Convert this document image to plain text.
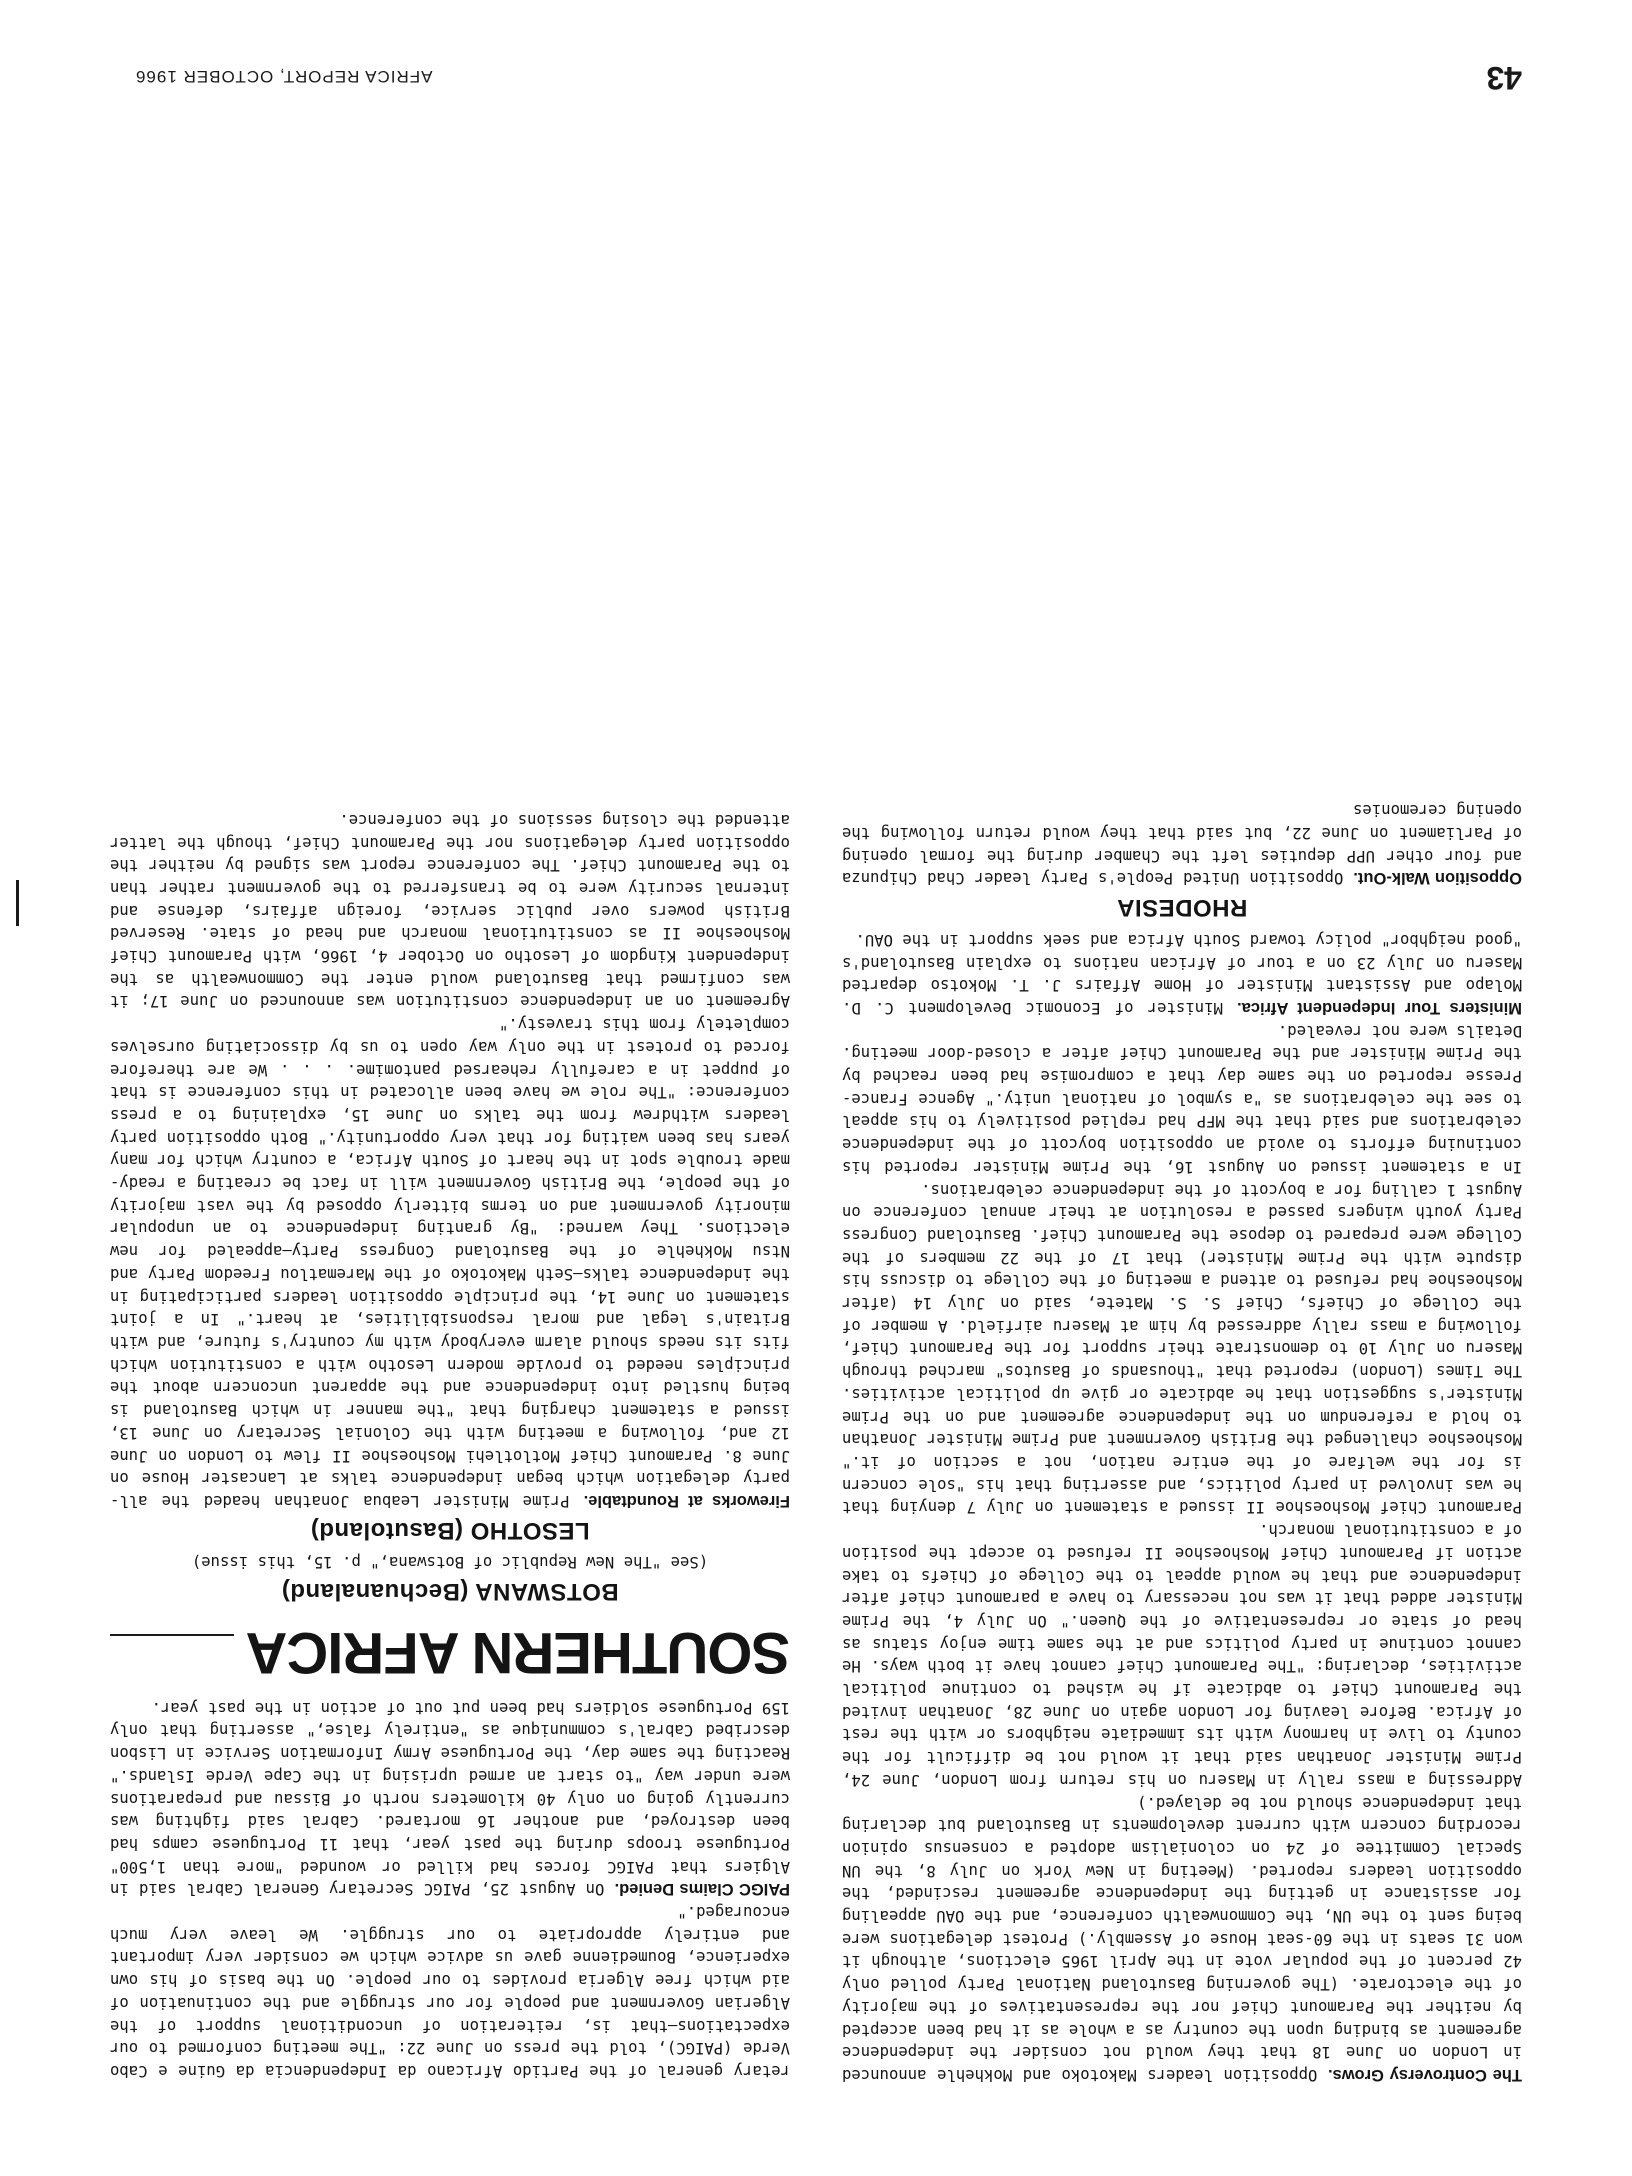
43
AFRICA REPORT, OCTOBER 1966

retary general of the Partido Africano da Independencia da Guine e Cabo Verde (PAIGC), told the press on June 22: "The meeting conformed to our expectations—that is, reiteration of unconditional support of the Algerian Government and people for our struggle and the continuation of aid which free Algeria provides to our people. On the basis of his own experience, Boumedienne gave us advice which we consider very important and entirely appropriate to our struggle. We leave very much encouraged."

PAIGC Claims Denied. On August 25, PAIGC Secretary General Cabral said in Algiers that PAIGC forces had killed or wounded "more than 1,500" Portuguese troops during the past year, that 11 Portuguese camps had been destroyed, and another 16 mortared. Cabral said fighting was currently going on only 40 kilometers north of Bissau and preparations were under way "to start an armed uprising in the Cape Verde Islands." Reacting the same day, the Portuguese Army Information Service in Lisbon described Cabral's communique as "entirely false," asserting that only 159 Portuguese soldiers had been put out of action in the past year.

SOUTHERN AFRICA
BOTSWANA (Bechuanaland)

(See "The New Republic of Botswana," p. 15, this issue)

LESOTHO (Basutoland)

Fireworks at Roundtable. Prime Minister Leabua Jonathan headed the all-party delegation which began independence talks at Lancaster House on June 8. Paramount Chief Motlotlehi Moshoeshoe II flew to London on June 12 and, following a meeting with the Colonial Secretary on June 13, issued a statement charging that "the manner in which Basutoland is being hustled into independence and the apparent unconcern about the principles needed to provide modern Lesotho with a constitution which fits its needs should alarm everybody with my country's future, and with Britain's legal and moral responsibilities, at heart." In a joint statement on June 14, the principle opposition leaders participating in the independence talks—Seth Makotoko of the Marematlou Freedom Party and Ntsu Mokhehle of the Basutoland Congress Party—appealed for new elections. They warned: "By granting independence to an unpopular minority government and on terms bitterly opposed by the vast majority of the people, the British Government will in fact be creating a ready-made trouble spot in the heart of South Africa, a country which for many years has been waiting for that very opportunity." Both opposition party leaders withdrew from the talks on June 15, explaining to a press conference: "The role we have been allocated in this conference is that of puppet in a carefully rehearsed pantomime. . . . We are therefore forced to protest in the only way open to us by dissociating ourselves completely from this travesty."

Agreement on an independence constitution was announced on June 17; it was confirmed that Basutoland would enter the Commonwealth as the independent Kingdom of Lesotho on October 4, 1966, with Paramount Chief Moshoeshoe II as constitutional monarch and head of state. Reserved British powers over public service, foreign affairs, defense and internal security were to be transferred to the government rather than to the Paramount Chief. The conference report was signed by neither the opposition party delegations nor the Paramount Chief, though the latter attended the closing sessions of the conference.

The Controversy Grows. Opposition leaders Makotoko and Mokhehle announced in London on June 18 that they would not consider the independence agreement as binding upon the country as a whole as it had been accepted by neither the Paramount Chief nor the representatives of the majority of the electorate. (The governing Basutoland National Party polled only 42 percent of the popular vote in the April 1965 elections, although it won 31 seats in the 60-seat House of Assembly.) Protest delegations were being sent to the UN, the Commonwealth conference, and the OAU appealing for assistance in getting the independence agreement rescinded, the opposition leaders reported. (Meeting in New York on July 8, the UN Special Committee of 24 on colonialism adopted a consensus opinion recording concern with current developments in Basutoland but declaring that independence should not be delayed.)

Addressing a mass rally in Maseru on his return from London, June 24, Prime Minister Jonathan said that it would not be difficult for the county to live in harmony with its immediate neighbors or with the rest of Africa. Before leaving for London again on June 28, Jonathan invited the Paramount Chief to abdicate if he wished to continue political activities, declaring: "The Paramount Chief cannot have it both ways. He cannot continue in party politics and at the same time enjoy status as head of state or representative of the Queen." On July 4, the Prime Minister added that it was not necessary to have a paramount chief after independence and that he would appeal to the College of Chiefs to take action if Paramount Chief Moshoeshoe II refused to accept the position of a constitutional monarch.

Paramount Chief Moshoeshoe II issued a statement on July 7 denying that he was involved in party politics, and asserting that his "sole concern is for the welfare of the entire nation, not a section of it." Moshoeshoe challenged the British Government and Prime Minister Jonathan to hold a referendum on the independence agreement and on the Prime Minister's suggestion that he abdicate or give up political activities. The Times (London) reported that "thousands of Basutos" marched through Maseru on July 10 to demonstrate their support for the Paramount Chief, following a mass rally addressed by him at Maseru airfield. A member of the College of Chiefs, Chief S. S. Matete, said on July 14 (after Moshoeshoe had refused to attend a meeting of the College to discuss his dispute with the Prime Minister) that 17 of the 22 members of the College were prepared to depose the Paramount Chief. Basutoland Congress Party youth wingers passed a resolution at their annual conference on August 1 calling for a boycott of the independence celebrations.

In a statement issued on August 16, the Prime Minister reported his continuing efforts to avoid an opposition boycott of the independence celebrations and said that the MFP had replied positively to his appeal to see the celebrations as "a symbol of national unity." Agence France-Presse reported on the same day that a compromise had been reached by the Prime Minister and the Paramount Chief after a closed-door meeting. Details were not revealed.

Ministers Tour Independent Africa. Minister of Economic Development C. D. Molapo and Assistant Minister of Home Affairs J. T. Mokotso departed Maseru on July 23 on a tour of African nations to explain Basutoland's "good neighbor" policy toward South Africa and seek support in the OAU.

RHODESIA

Opposition Walk-Out. Opposition United People's Party leader Chad Chipunza and four other UPP deputies left the Chamber during the formal opening of Parliament on June 22, but said that they would return following the opening ceremonies
